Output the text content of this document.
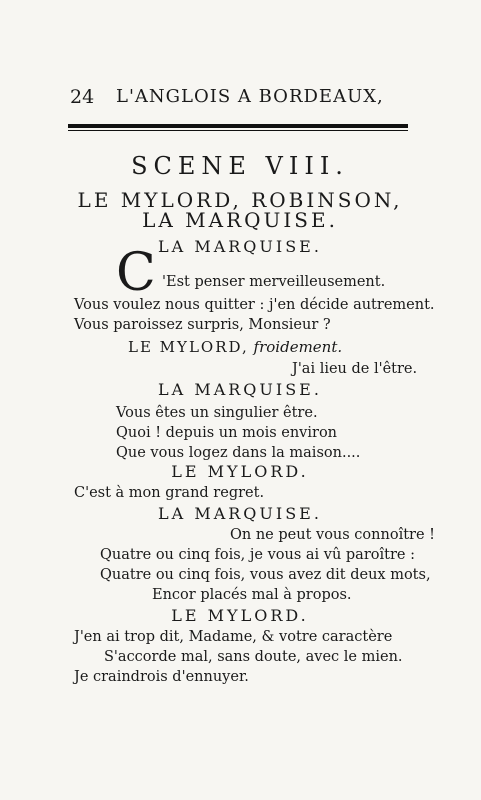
24 L'ANGLOIS A BORDEAUX,
SCENE VIII.
LE MYLORD, ROBINSON,
LA MARQUISE.
LA MARQUISE.
C 'Est penser merveilleusement.
Vous voulez nous quitter : j'en décide autrement.
Vous paroissez surpris, Monsieur ?
LE MYLORD, froidement.
J'ai lieu de l'être.
LA MARQUISE.
Vous êtes un singulier être.
Quoi ! depuis un mois environ
Que vous logez dans la maison....
LE MYLORD.
C'est à mon grand regret.
LA MARQUISE.
On ne peut vous connoître !
Quatre ou cinq fois, je vous ai vû paroître :
Quatre ou cinq fois, vous avez dit deux mots,
Encor placés mal à propos.
LE MYLORD.
J'en ai trop dit, Madame, & votre caractère
S'accorde mal, sans doute, avec le mien.
Je craindrois d'ennuyer.
